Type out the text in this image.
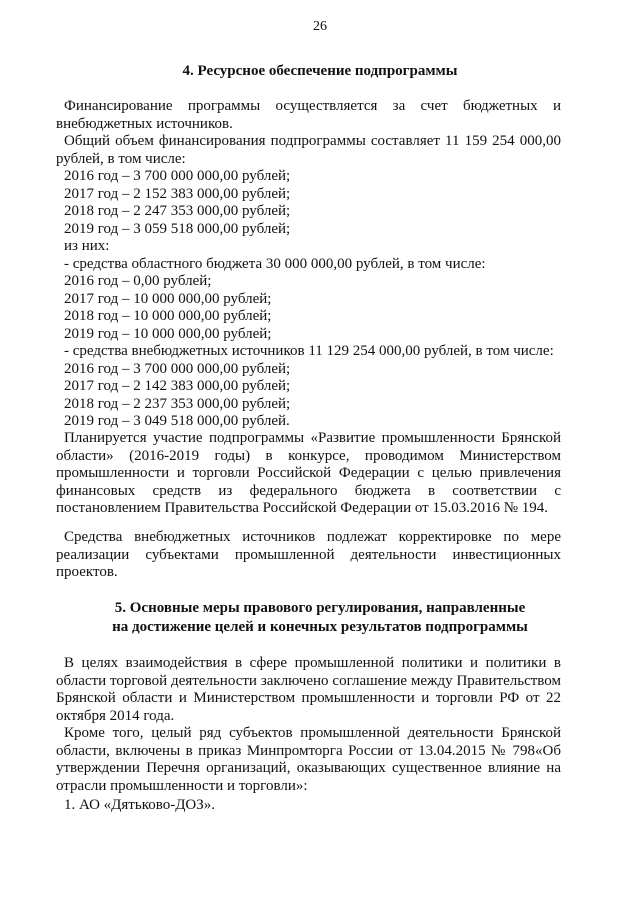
26
4. Ресурсное обеспечение подпрограммы

Финансирование программы осуществляется за счет бюджетных и внебюджетных источников.

Общий объем финансирования подпрограммы составляет 11 159 254 000,00 рублей, в том числе:

2016 год – 3 700 000 000,00 рублей;
2017 год – 2 152 383 000,00 рублей;
2018 год – 2 247 353 000,00 рублей;
2019 год – 3 059 518 000,00 рублей;
из них:
- средства областного бюджета 30 000 000,00 рублей, в том числе:
2016 год – 0,00 рублей;
2017 год – 10 000 000,00 рублей;
2018 год – 10 000 000,00 рублей;
2019 год – 10 000 000,00 рублей;
- средства внебюджетных источников 11 129 254 000,00 рублей, в том числе:
2016 год – 3 700 000 000,00 рублей;
2017 год – 2 142 383 000,00 рублей;
2018 год – 2 237 353 000,00 рублей;
2019 год – 3 049 518 000,00 рублей.

Планируется участие подпрограммы «Развитие промышленности Брянской области» (2016-2019 годы) в конкурсе, проводимом Министерством промышленности и торговли Российской Федерации с целью привлечения финансовых средств из федерального бюджета в соответствии с постановлением Правительства Российской Федерации от 15.03.2016 № 194.

Средства внебюджетных источников подлежат корректировке по мере реализации субъектами промышленной деятельности инвестиционных проектов.

5. Основные меры правового регулирования, направленные
на достижение целей и конечных результатов подпрограммы

В целях взаимодействия в сфере промышленной политики и политики в области торговой деятельности заключено соглашение между Правительством Брянской области и Министерством промышленности и торговли РФ от 22 октября 2014 года.

Кроме того, целый ряд субъектов промышленной деятельности Брянской области, включены в приказ Минпромторга России от 13.04.2015 № 798«Об утверждении Перечня организаций, оказывающих существенное влияние на отрасли промышленности и торговли»:

1. АО «Дятьково-ДОЗ».
